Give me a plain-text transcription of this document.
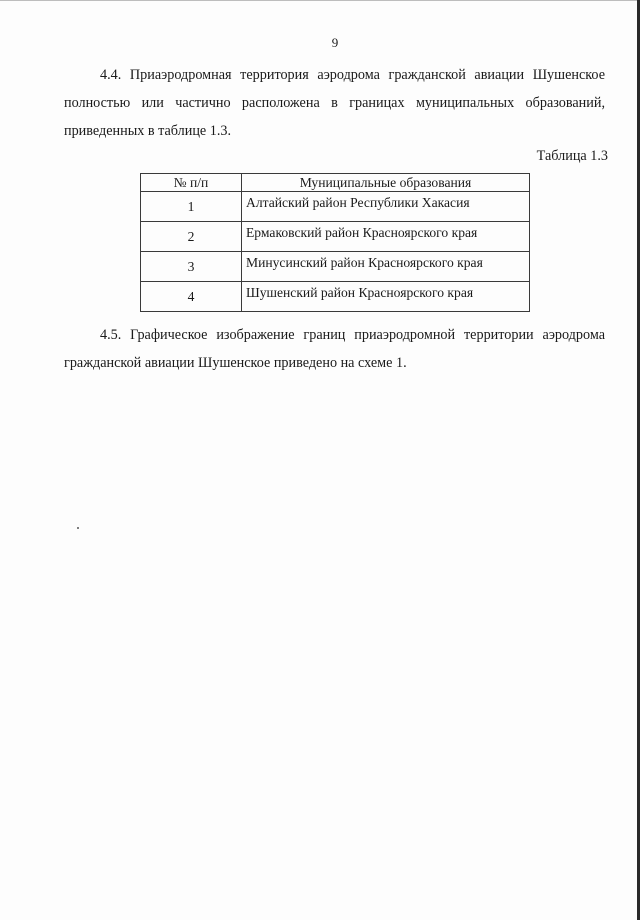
9

4.4. Приаэродромная территория аэродрома гражданской авиации Шушенское полностью или частично расположена в границах муниципальных образований, приведенных в таблице 1.3.

Таблица 1.3
№ п/п	Муниципальные образования
1	Алтайский район Республики Хакасия
2	Ермаковский район Красноярского края
3	Минусинский район Красноярского края
4	Шушенский район Красноярского края

4.5. Графическое изображение границ приаэродромной территории аэродрома гражданской авиации Шушенское приведено на схеме 1.
